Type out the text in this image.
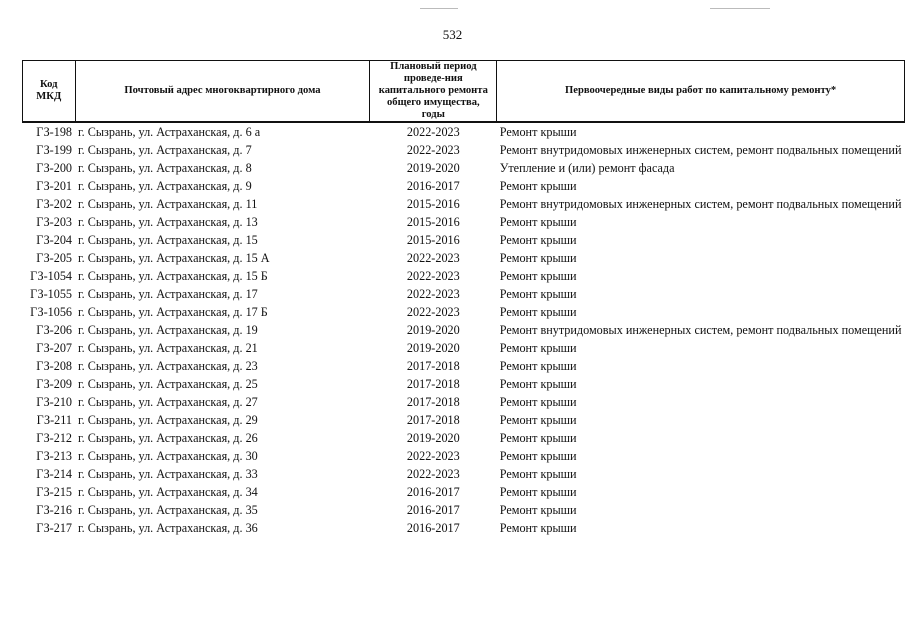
532
Код МКД	Почтовый адрес многоквартирного дома	Плановый период проведе-ния капитального ремонта общего имущества, годы	Первоочередные виды работ по капитальному ремонту*
ГЗ-198	г. Сызрань, ул. Астраханская, д. 6 а	2022-2023	Ремонт крыши
ГЗ-199	г. Сызрань, ул. Астраханская, д. 7	2022-2023	Ремонт внутридомовых инженерных систем, ремонт подвальных помещений
ГЗ-200	г. Сызрань, ул. Астраханская, д. 8	2019-2020	Утепление и (или) ремонт фасада
ГЗ-201	г. Сызрань, ул. Астраханская, д. 9	2016-2017	Ремонт крыши
ГЗ-202	г. Сызрань, ул. Астраханская, д. 11	2015-2016	Ремонт внутридомовых инженерных систем, ремонт подвальных помещений
ГЗ-203	г. Сызрань, ул. Астраханская, д. 13	2015-2016	Ремонт крыши
ГЗ-204	г. Сызрань, ул. Астраханская, д. 15	2015-2016	Ремонт крыши
ГЗ-205	г. Сызрань, ул. Астраханская, д. 15 А	2022-2023	Ремонт крыши
ГЗ-1054	г. Сызрань, ул. Астраханская, д. 15 Б	2022-2023	Ремонт крыши
ГЗ-1055	г. Сызрань, ул. Астраханская, д. 17	2022-2023	Ремонт крыши
ГЗ-1056	г. Сызрань, ул. Астраханская, д. 17 Б	2022-2023	Ремонт крыши
ГЗ-206	г. Сызрань, ул. Астраханская, д. 19	2019-2020	Ремонт внутридомовых инженерных систем, ремонт подвальных помещений
ГЗ-207	г. Сызрань, ул. Астраханская, д. 21	2019-2020	Ремонт крыши
ГЗ-208	г. Сызрань, ул. Астраханская, д. 23	2017-2018	Ремонт крыши
ГЗ-209	г. Сызрань, ул. Астраханская, д. 25	2017-2018	Ремонт крыши
ГЗ-210	г. Сызрань, ул. Астраханская, д. 27	2017-2018	Ремонт крыши
ГЗ-211	г. Сызрань, ул. Астраханская, д. 29	2017-2018	Ремонт крыши
ГЗ-212	г. Сызрань, ул. Астраханская, д. 26	2019-2020	Ремонт крыши
ГЗ-213	г. Сызрань, ул. Астраханская, д. 30	2022-2023	Ремонт крыши
ГЗ-214	г. Сызрань, ул. Астраханская, д. 33	2022-2023	Ремонт крыши
ГЗ-215	г. Сызрань, ул. Астраханская, д. 34	2016-2017	Ремонт крыши
ГЗ-216	г. Сызрань, ул. Астраханская, д. 35	2016-2017	Ремонт крыши
ГЗ-217	г. Сызрань, ул. Астраханская, д. 36	2016-2017	Ремонт крыши
